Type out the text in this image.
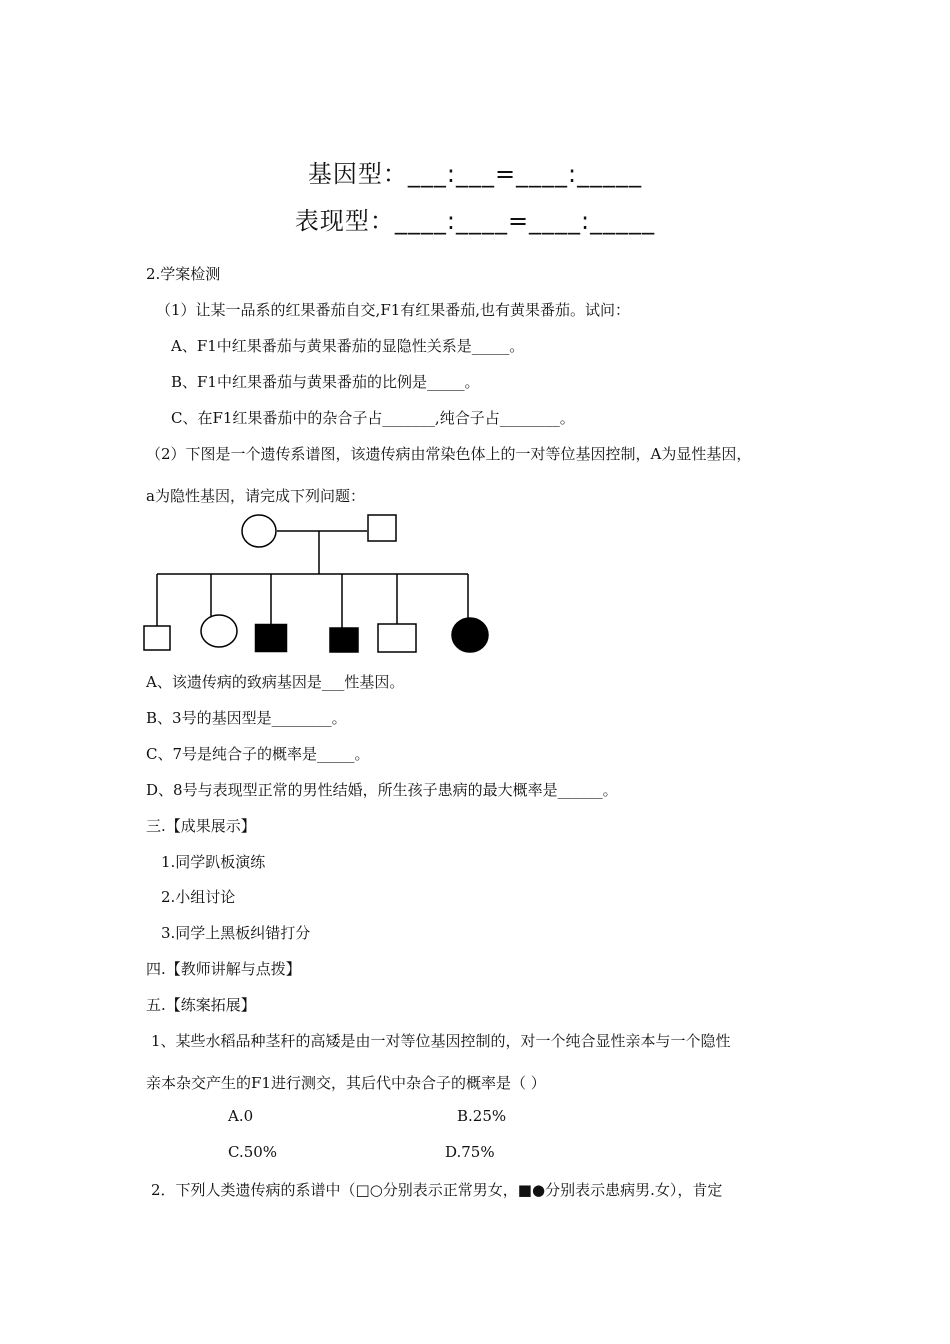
基因型：___:___=____:_____
表现型：____:____=____:_____
2.学案检测
（1）让某一品系的红果番茄自交,F1有红果番茄,也有黄果番茄。试问：
A、F1中红果番茄与黄果番茄的显隐性关系是_____。
B、F1中红果番茄与黄果番茄的比例是_____。
C、在F1红果番茄中的杂合子占_______,纯合子占________。
（2）下图是一个遗传系谱图，该遗传病由常染色体上的一对等位基因控制，A为显性基因，
a为隐性基因，请完成下列问题：
A、该遗传病的致病基因是___性基因。
B、3号的基因型是________。
C、7号是纯合子的概率是_____。
D、8号与表现型正常的男性结婚，所生孩子患病的最大概率是______。
三.【成果展示】
1.同学趴板演练
2.小组讨论
3.同学上黑板纠错打分
四.【教师讲解与点拨】
五.【练案拓展】
1、某些水稻品种茎秆的高矮是由一对等位基因控制的，对一个纯合显性亲本与一个隐性
亲本杂交产生的F1进行测交，其后代中杂合子的概率是（ ）
A.0	B.25%
C.50%	D.75%
2．下列人类遗传病的系谱中（□○分别表示正常男女，■●分别表示患病男.女），肯定
